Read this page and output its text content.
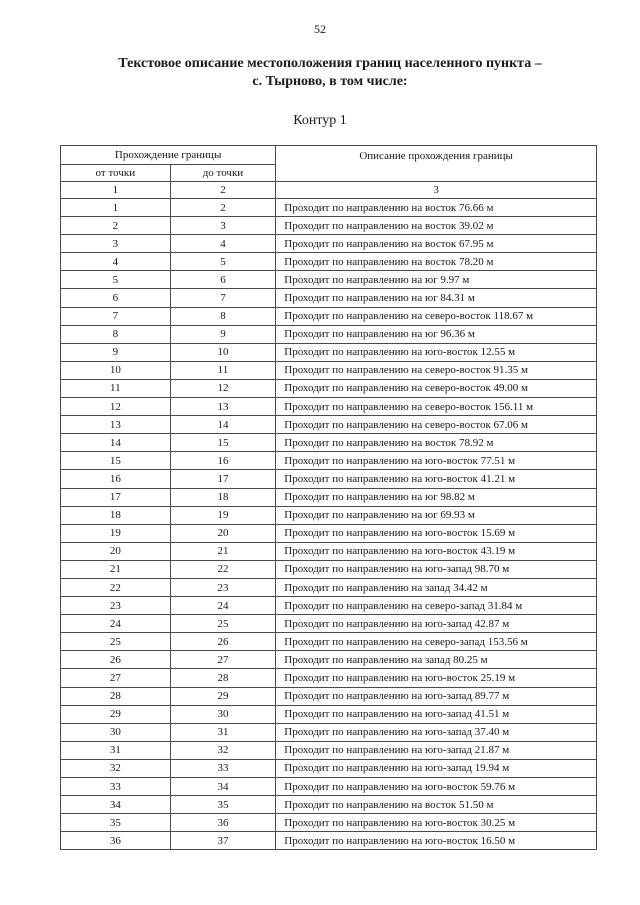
52
Текстовое описание местоположения границ населенного пункта –
с. Тырново, в том числе:
Контур 1
Прохождение границы		Описание прохождения границы
от точки	до точки	
1	2	3
1	2	Проходит по направлению на восток 76.66 м
2	3	Проходит по направлению на восток 39.02 м
3	4	Проходит по направлению на восток 67.95 м
4	5	Проходит по направлению на восток 78.20 м
5	6	Проходит по направлению на юг 9.97 м
6	7	Проходит по направлению на юг 84.31 м
7	8	Проходит по направлению на северо-восток 118.67 м
8	9	Проходит по направлению на юг 96.36 м
9	10	Проходит по направлению на юго-восток 12.55 м
10	11	Проходит по направлению на северо-восток 91.35 м
11	12	Проходит по направлению на северо-восток 49.00 м
12	13	Проходит по направлению на северо-восток 156.11 м
13	14	Проходит по направлению на северо-восток 67.06 м
14	15	Проходит по направлению на восток 78.92 м
15	16	Проходит по направлению на юго-восток 77.51 м
16	17	Проходит по направлению на юго-восток 41.21 м
17	18	Проходит по направлению на юг 98.82 м
18	19	Проходит по направлению на юг 69.93 м
19	20	Проходит по направлению на юго-восток 15.69 м
20	21	Проходит по направлению на юго-восток 43.19 м
21	22	Проходит по направлению на юго-запад 98.70 м
22	23	Проходит по направлению на запад 34.42 м
23	24	Проходит по направлению на северо-запад 31.84 м
24	25	Проходит по направлению на юго-запад 42.87 м
25	26	Проходит по направлению на северо-запад 153.56 м
26	27	Проходит по направлению на запад 80.25 м
27	28	Проходит по направлению на юго-восток 25.19 м
28	29	Проходит по направлению на юго-запад 89.77 м
29	30	Проходит по направлению на юго-запад 41.51 м
30	31	Проходит по направлению на юго-запад 37.40 м
31	32	Проходит по направлению на юго-запад 21.87 м
32	33	Проходит по направлению на юго-запад 19.94 м
33	34	Проходит по направлению на юго-восток 59.76 м
34	35	Проходит по направлению на восток 51.50 м
35	36	Проходит по направлению на юго-восток 30.25 м
36	37	Проходит по направлению на юго-восток 16.50 м
